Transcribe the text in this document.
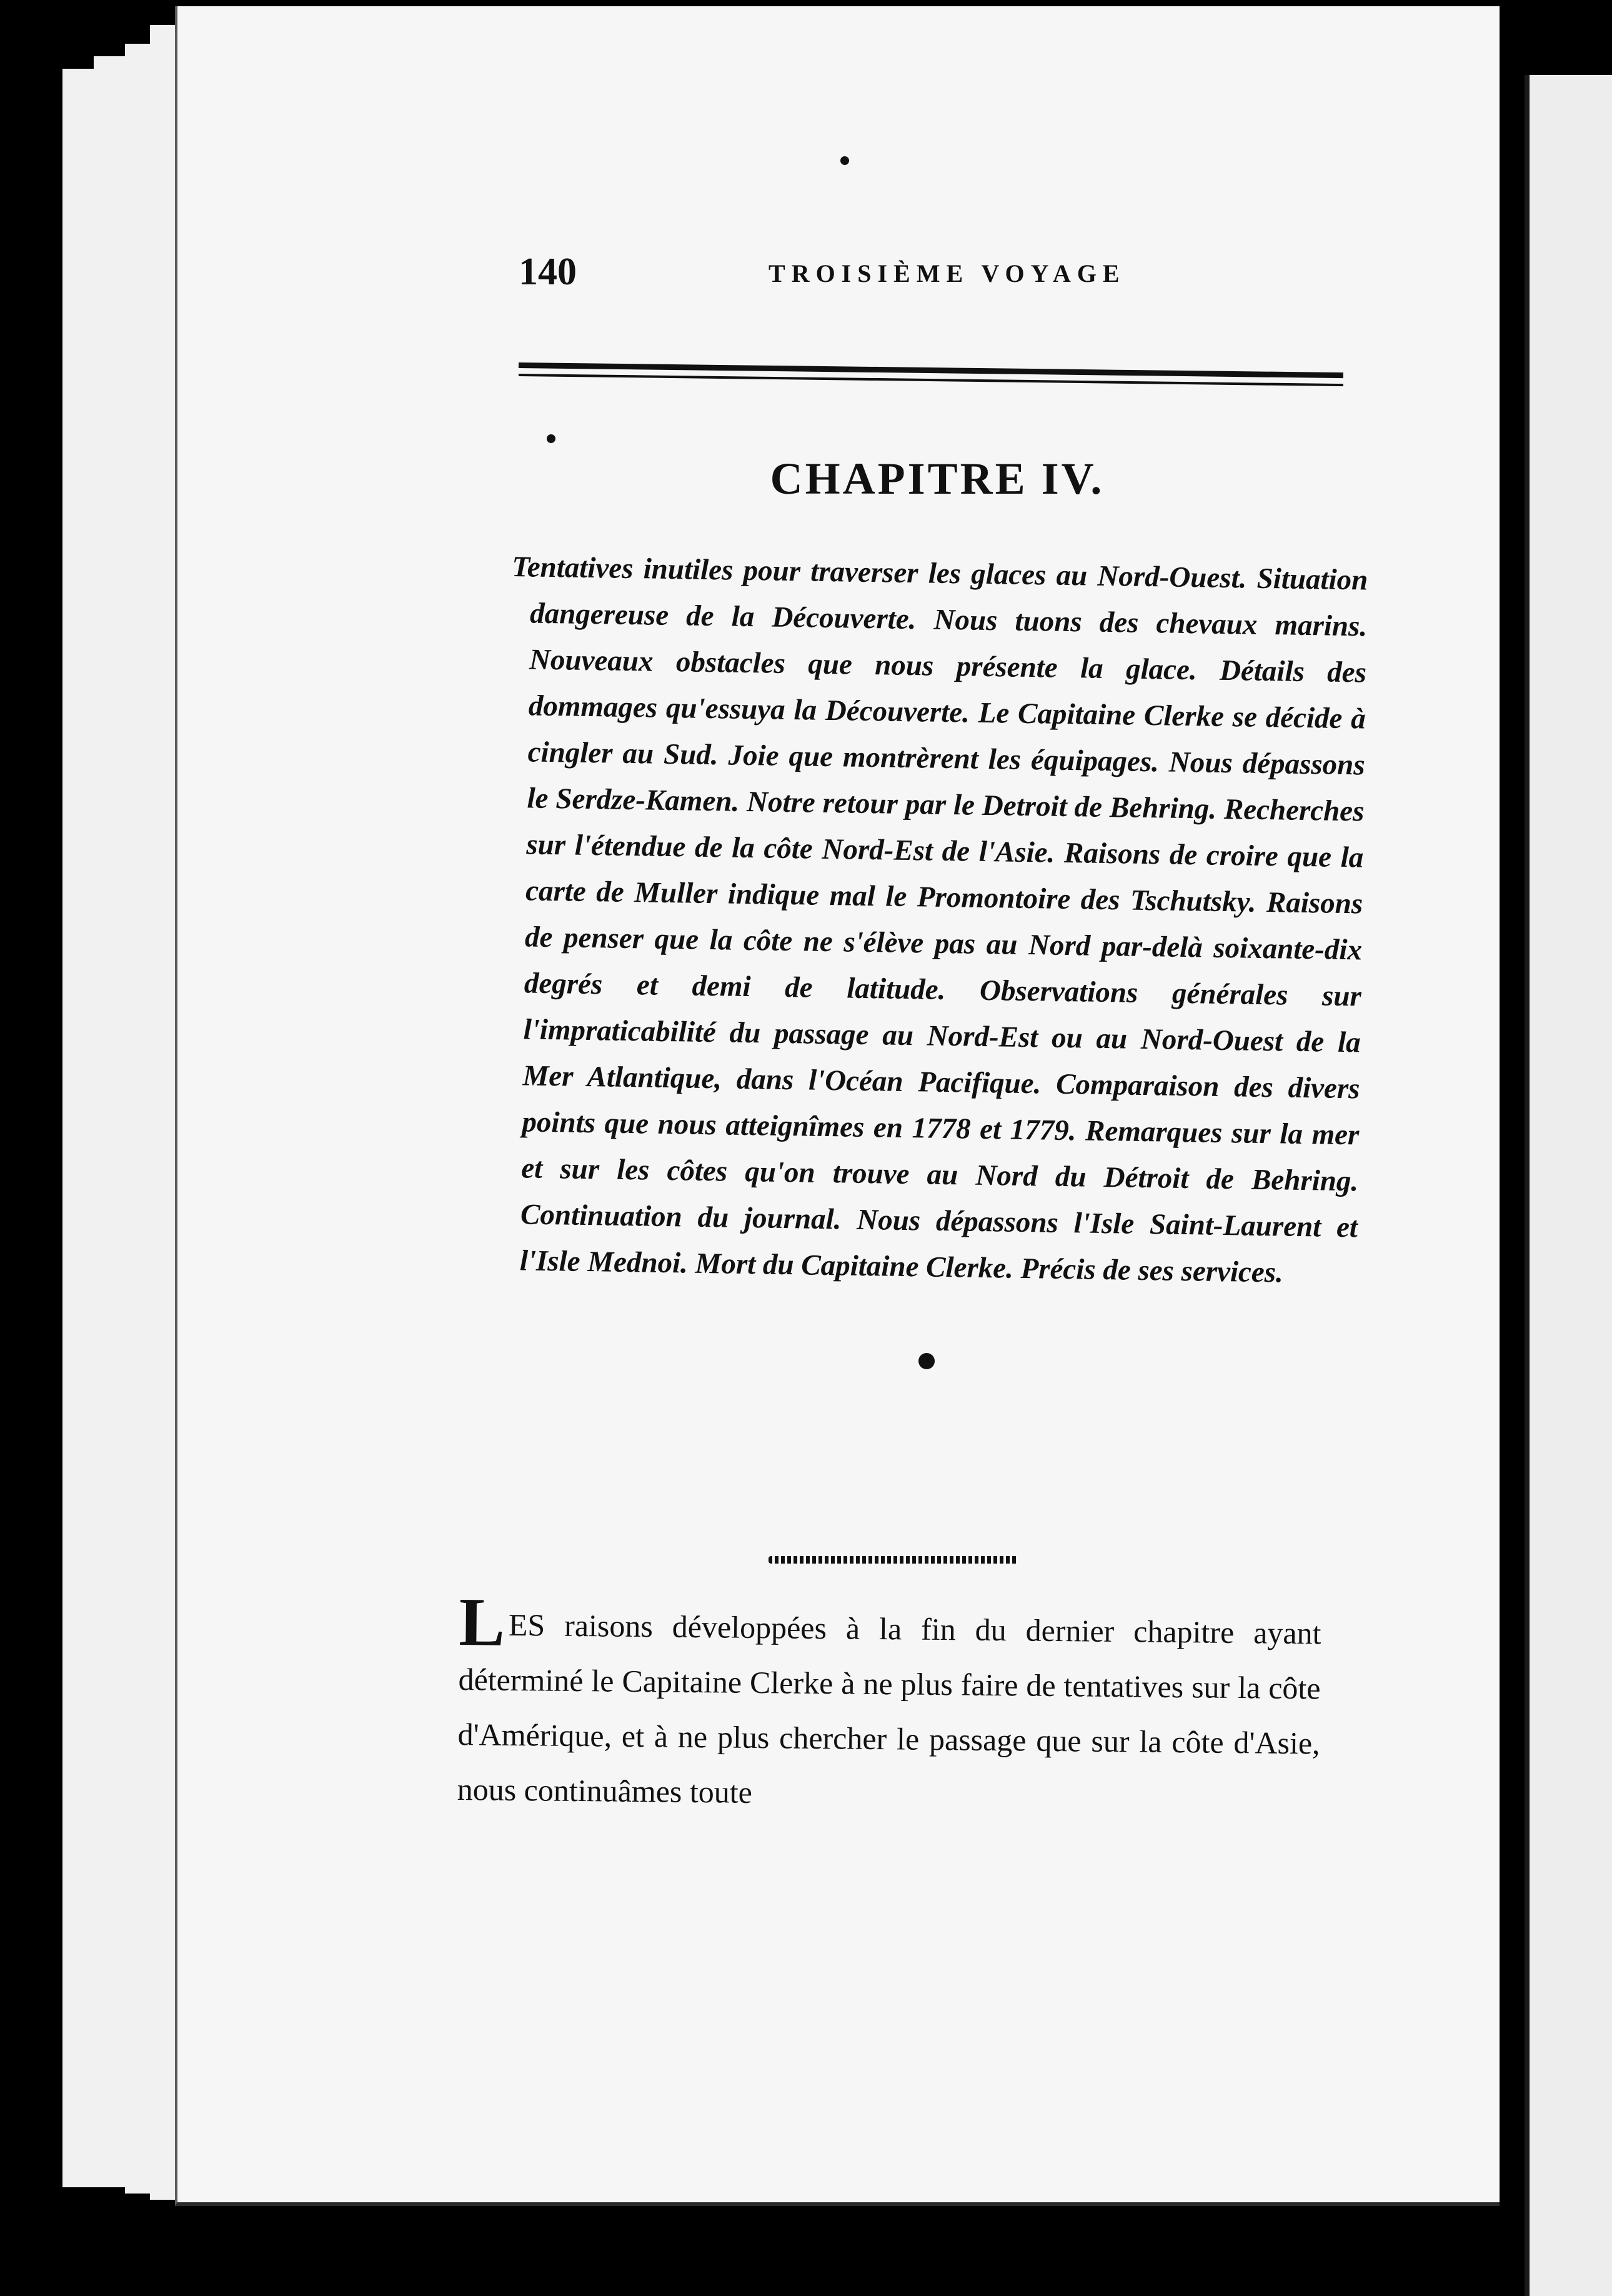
140	TROISIÈME VOYAGE
CHAPITRE IV.

Tentatives inutiles pour traverser les glaces au Nord-Ouest. Situation dangereuse de la Découverte. Nous tuons des chevaux marins. Nouveaux obstacles que nous présente la glace. Détails des dommages qu'essuya la Découverte. Le Capitaine Clerke se décide à cingler au Sud. Joie que montrèrent les équipages. Nous dépassons le Serdze-Kamen. Notre retour par le Detroit de Behring. Recherches sur l'étendue de la côte Nord-Est de l'Asie. Raisons de croire que la carte de Muller indique mal le Promontoire des Tschutsky. Raisons de penser que la côte ne s'élève pas au Nord par-delà soixante-dix degrés et demi de latitude. Observations générales sur l'impraticabilité du passage au Nord-Est ou au Nord-Ouest de la Mer Atlantique, dans l'Océan Pacifique. Comparaison des divers points que nous atteignîmes en 1778 et 1779. Remarques sur la mer et sur les côtes qu'on trouve au Nord du Détroit de Behring. Continuation du journal. Nous dépassons l'Isle Saint-Laurent et l'Isle Mednoi. Mort du Capitaine Clerke. Précis de ses services.

LES raisons développées à la fin du dernier chapitre ayant déterminé le Capitaine Clerke à ne plus faire de tentatives sur la côte d'Amérique, et à ne plus chercher le passage que sur la côte d'Asie, nous continuâmes toute
